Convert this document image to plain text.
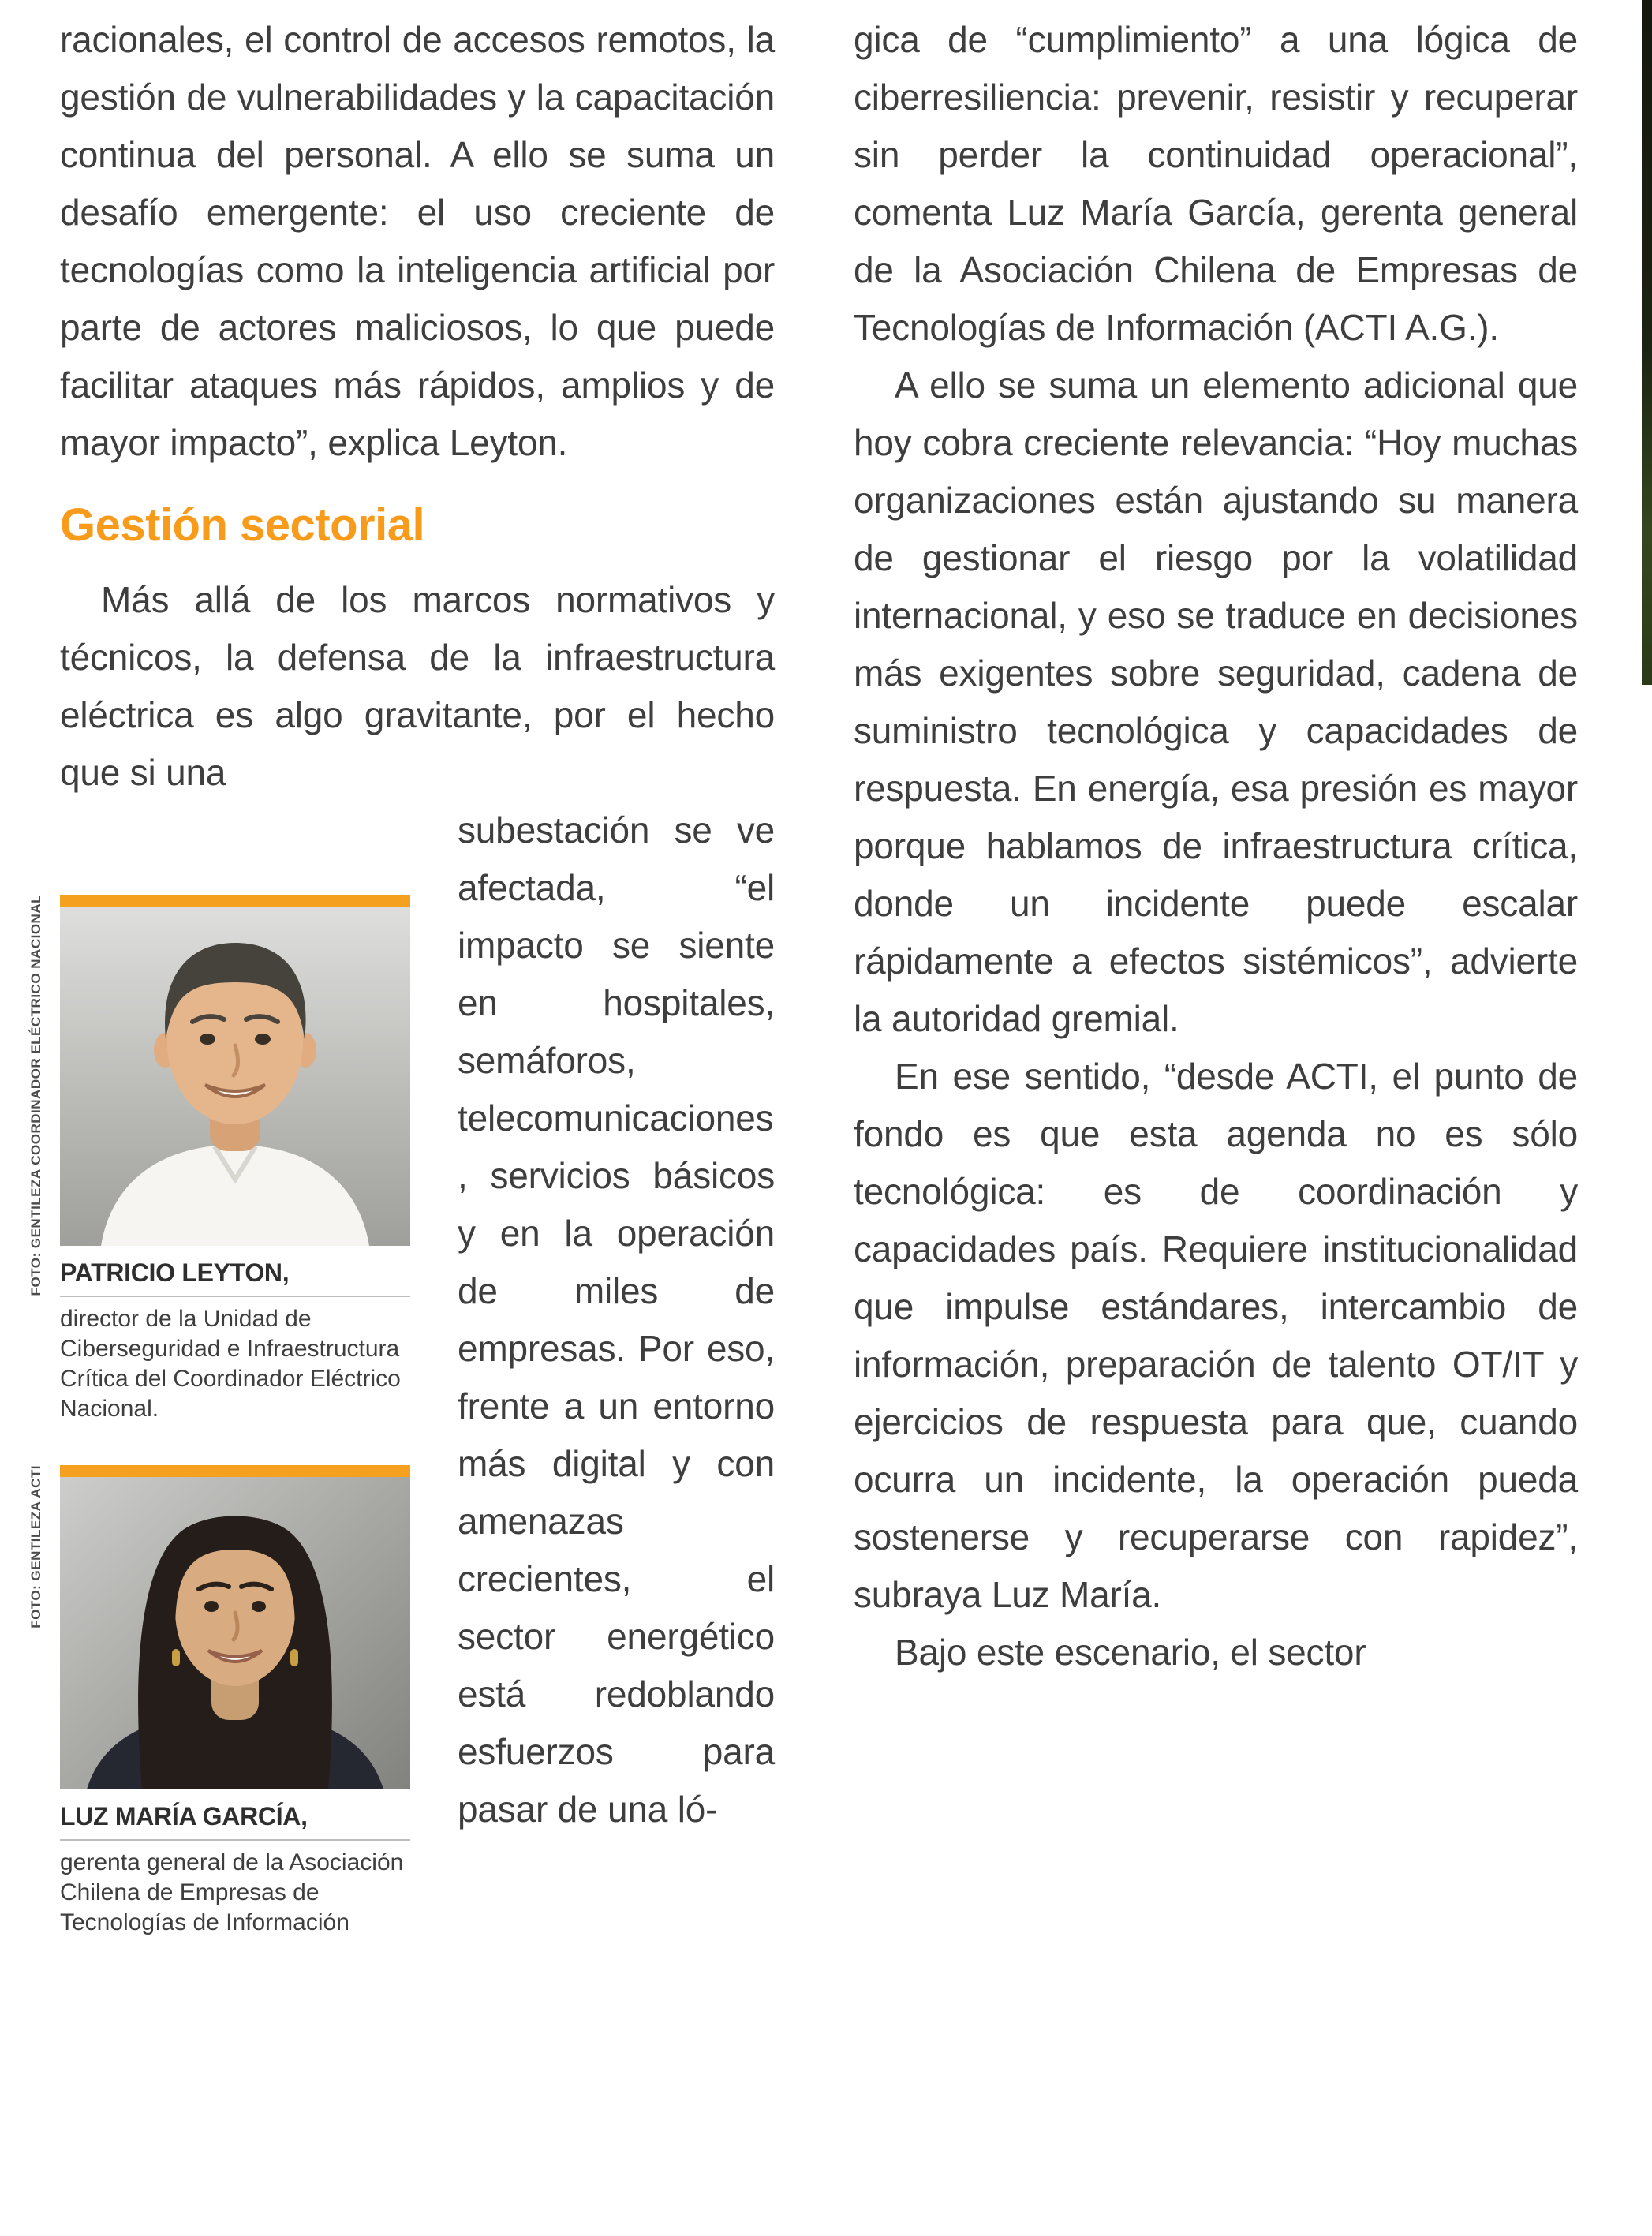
racionales, el control de accesos remotos, la gestión de vulnerabilidades y la capacitación continua del personal. A ello se suma un desafío emergente: el uso creciente de tecnologías como la inteligencia artificial por parte de actores maliciosos, lo que puede facilitar ataques más rápidos, amplios y de mayor impacto”, explica Leyton.

Gestión sectorial

Más allá de los marcos normativos y técnicos, la defensa de la infraestructura eléctrica es algo gravitante, por el hecho que si una

FOTO: GENTILEZA COORDINADOR ELÉCTRICO NACIONAL PATRICIO LEYTON,
director de la Unidad de Ciberseguridad e Infraestructura Crítica del Coordinador Eléctrico Nacional.
FOTO: GENTILEZA ACTI
LUZ MARÍA GARCÍA,
gerenta general de la Asociación Chilena de Empresas de Tecnologías de Información

subestación se ve afectada, “el impacto se siente en hospitales, semáforos, telecomunicaciones, servicios básicos y en la operación de miles de empresas. Por eso, frente a un entorno más digital y con amenazas crecientes, el sector energético está redoblando esfuerzos para pasar de una ló-

gica de “cumplimiento” a una lógica de ciberresiliencia: prevenir, resistir y recuperar sin perder la continuidad operacional”, comenta Luz María García, gerenta general de la Asociación Chilena de Empresas de Tecnologías de Información (ACTI A.G.).

A ello se suma un elemento adicional que hoy cobra creciente relevancia: “Hoy muchas organizaciones están ajustando su manera de gestionar el riesgo por la volatilidad internacional, y eso se traduce en decisiones más exigentes sobre seguridad, cadena de suministro tecnológica y capacidades de respuesta. En energía, esa presión es mayor porque hablamos de infraestructura crítica, donde un incidente puede escalar rápidamente a efectos sistémicos”, advierte la autoridad gremial.

En ese sentido, “desde ACTI, el punto de fondo es que esta agenda no es sólo tecnológica: es de coordinación y capacidades país. Requiere institucionalidad que impulse estándares, intercambio de información, preparación de talento OT/IT y ejercicios de respuesta para que, cuando ocurra un incidente, la operación pueda sostenerse y recuperarse con rapidez”, subraya Luz María.

Bajo este escenario, el sector
